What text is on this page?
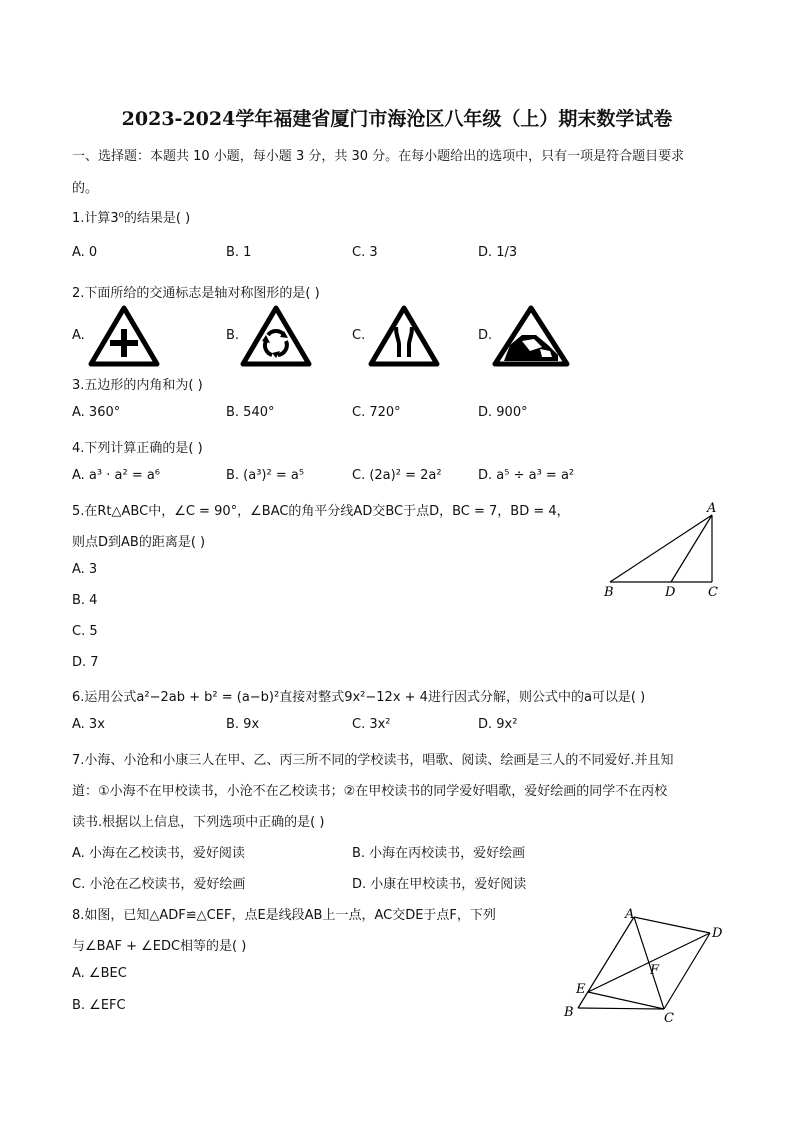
2023-2024学年福建省厦门市海沧区八年级（上）期末数学试卷
一、选择题：本题共 10 小题，每小题 3 分，共 30 分。在每小题给出的选项中，只有一项是符合题目要求
的。
1.计算3⁰的结果是( )
A. 0	B. 1	C. 3	D. 1/3
2.下面所给的交通标志是轴对称图形的是( )
A.	B.	C.	D.
3.五边形的内角和为( )
A. 360°	B. 540°	C. 720°	D. 900°
4.下列计算正确的是( )
A. a³ · a² = a⁶	B. (a³)² = a⁵	C. (2a)² = 2a²	D. a⁵ ÷ a³ = a²
5.在Rt△ABC中，∠C = 90°，∠BAC的角平分线AD交BC于点D，BC = 7，BD = 4，
则点D到AB的距离是( )
A. 3
B. 4
C. 5
D. 7
A
B	D	C
6.运用公式a²−2ab + b² = (a−b)²直接对整式9x²−12x + 4进行因式分解，则公式中的a可以是( )
A. 3x	B. 9x	C. 3x²	D. 9x²
7.小海、小沧和小康三人在甲、乙、丙三所不同的学校读书，唱歌、阅读、绘画是三人的不同爱好.并且知
道：①小海不在甲校读书，小沧不在乙校读书；②在甲校读书的同学爱好唱歌，爱好绘画的同学不在丙校
读书.根据以上信息，下列选项中正确的是( )
A. 小海在乙校读书，爱好阅读	B. 小海在丙校读书，爱好绘画
C. 小沧在乙校读书，爱好绘画	D. 小康在甲校读书，爱好阅读
8.如图，已知△ADF≌△CEF，点E是线段AB上一点，AC交DE于点F，下列
与∠BAF + ∠EDC相等的是( )
A. ∠BEC
B. ∠EFC
A
D
F
E
B	C
